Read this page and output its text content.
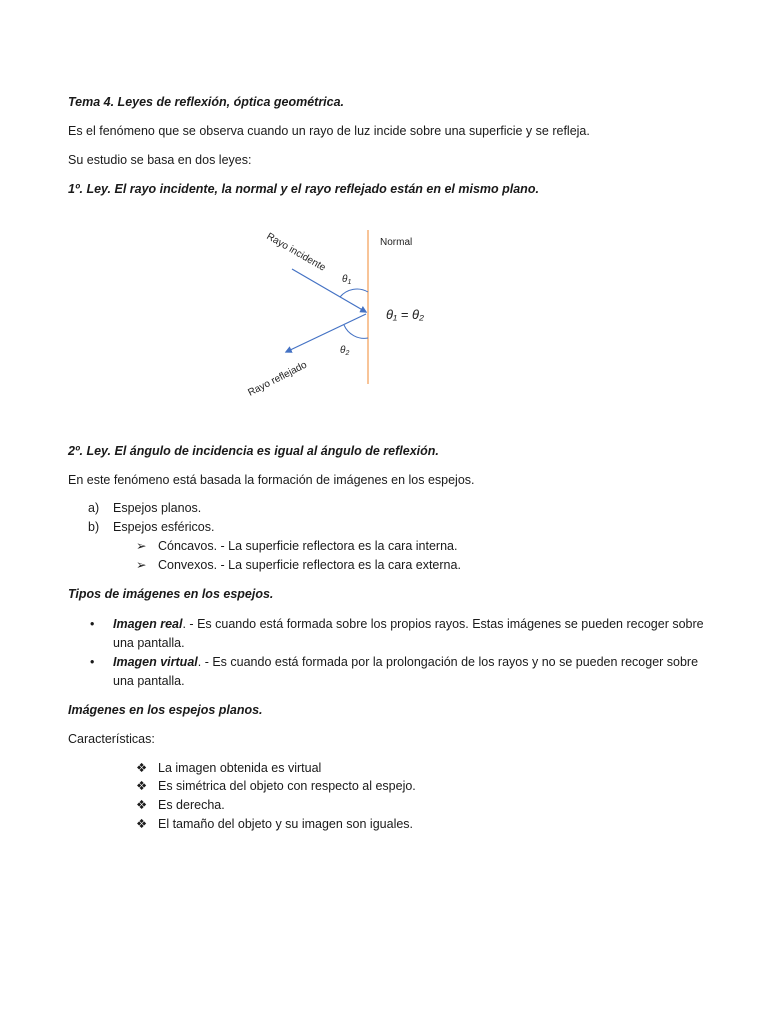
Tema 4. Leyes de reflexión, óptica geométrica.
Es el fenómeno que se observa cuando un rayo de luz incide sobre una superficie y se refleja.
Su estudio se basa en dos leyes:
1º. Ley. El rayo incidente, la normal y el rayo reflejado están en el mismo plano.
Normal
Rayo incidente
Rayo reflejado
$\theta_1$
$\theta_2$
θ₁ = θ₂
2º. Ley. El ángulo de incidencia es igual al ángulo de reflexión.
En este fenómeno está basada la formación de imágenes en los espejos.
a) Espejos planos.
b) Espejos esféricos.
➢ Cóncavos. - La superficie reflectora es la cara interna.
➢ Convexos. - La superficie reflectora es la cara externa.
Tipos de imágenes en los espejos.
• Imagen real. - Es cuando está formada sobre los propios rayos. Estas imágenes se pueden recoger sobre
una pantalla.
• Imagen virtual. - Es cuando está formada por la prolongación de los rayos y no se pueden recoger sobre
una pantalla.
Imágenes en los espejos planos.
Características:
❖ La imagen obtenida es virtual
❖ Es simétrica del objeto con respecto al espejo.
❖ Es derecha.
❖ El tamaño del objeto y su imagen son iguales.
